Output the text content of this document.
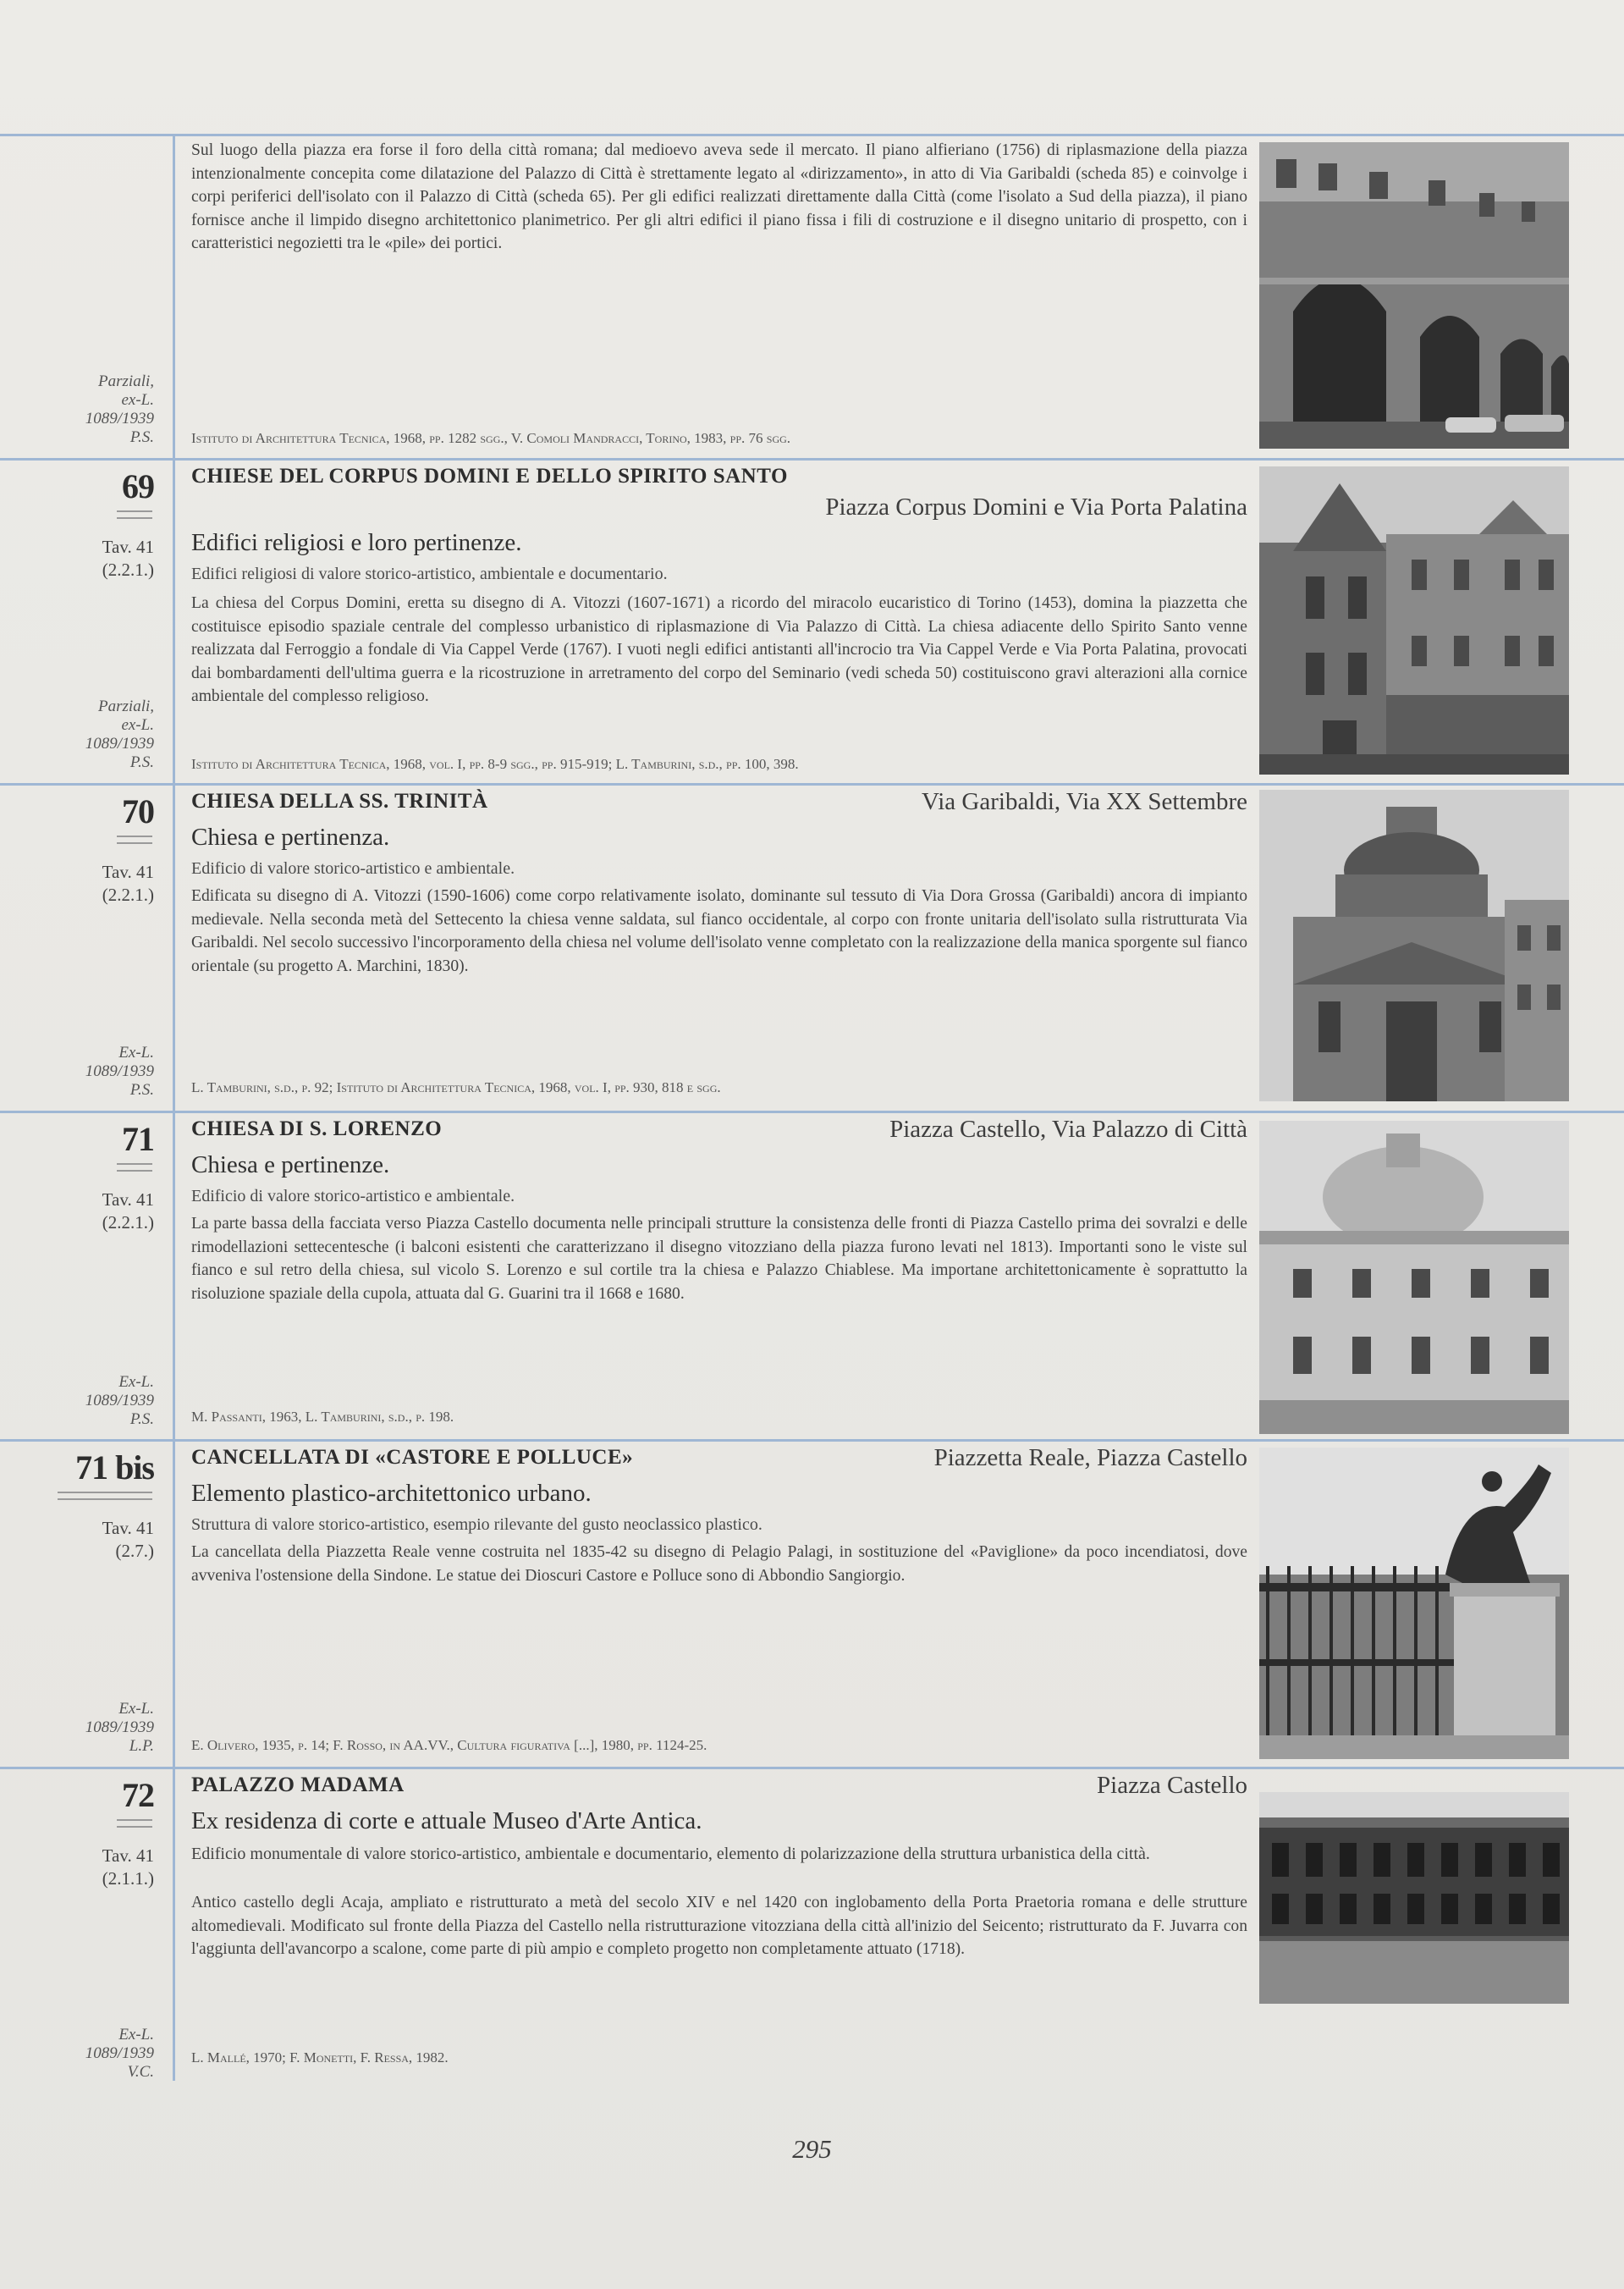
Parziali,
ex-L.
1089/1939
P.S.
Sul luogo della piazza era forse il foro della città romana; dal medioevo aveva sede il mercato. Il piano alfieriano (1756) di riplasmazione della piazza intenzionalmente concepita come dilatazione del Palazzo di Città è strettamente legato al «dirizzamento», in atto di Via Garibaldi (scheda 85) e coinvolge i corpi periferici dell'isolato con il Palazzo di Città (scheda 65). Per gli edifici realizzati direttamente dalla Città (come l'isolato a Sud della piazza), il piano fornisce anche il limpido disegno architettonico planimetrico. Per gli altri edifici il piano fissa i fili di costruzione e il disegno unitario di prospetto, con i caratteristici negozietti tra le «pile» dei portici.
Istituto di Architettura Tecnica, 1968, pp. 1282 sgg., V. Comoli Mandracci, Torino, 1983, pp. 76 sgg.
69
Tav. 41
(2.2.1.)
Parziali,
ex-L.
1089/1939
P.S.
CHIESE DEL CORPUS DOMINI E DELLO SPIRITO SANTO
Piazza Corpus Domini e Via Porta Palatina
Edifici religiosi e loro pertinenze.
Edifici religiosi di valore storico-artistico, ambientale e documentario.
La chiesa del Corpus Domini, eretta su disegno di A. Vitozzi (1607-1671) a ricordo del miracolo eucaristico di Torino (1453), domina la piazzetta che costituisce episodio spaziale centrale del complesso urbanistico di riplasmazione di Via Palazzo di Città. La chiesa adiacente dello Spirito Santo venne realizzata dal Ferroggio a fondale di Via Cappel Verde (1767). I vuoti negli edifici antistanti all'incrocio tra Via Cappel Verde e Via Porta Palatina, provocati dai bombardamenti dell'ultima guerra e la ricostruzione in arretramento del corpo del Seminario (vedi scheda 50) costituiscono gravi alterazioni alla cornice ambientale del complesso religioso.
Istituto di Architettura Tecnica, 1968, vol. I, pp. 8-9 sgg., pp. 915-919; L. Tamburini, s.d., pp. 100, 398.
70
Tav. 41
(2.2.1.)
Ex-L.
1089/1939
P.S.
CHIESA DELLA SS. TRINITÀ	Via Garibaldi, Via XX Settembre
Chiesa e pertinenza.
Edificio di valore storico-artistico e ambientale.
Edificata su disegno di A. Vitozzi (1590-1606) come corpo relativamente isolato, dominante sul tessuto di Via Dora Grossa (Garibaldi) ancora di impianto medievale. Nella seconda metà del Settecento la chiesa venne saldata, sul fianco occidentale, al corpo con fronte unitaria dell'isolato sulla ristrutturata Via Garibaldi. Nel secolo successivo l'incorporamento della chiesa nel volume dell'isolato venne completato con la realizzazione della manica sporgente sul fianco orientale (su progetto A. Marchini, 1830).
L. Tamburini, s.d., p. 92; Istituto di Architettura Tecnica, 1968, vol. I, pp. 930, 818 e sgg.
71
Tav. 41
(2.2.1.)
Ex-L.
1089/1939
P.S.
CHIESA DI S. LORENZO	Piazza Castello, Via Palazzo di Città
Chiesa e pertinenze.
Edificio di valore storico-artistico e ambientale.
La parte bassa della facciata verso Piazza Castello documenta nelle principali strutture la consistenza delle fronti di Piazza Castello prima dei sovralzi e delle rimodellazioni settecentesche (i balconi esistenti che caratterizzano il disegno vitozziano della piazza furono levati nel 1813). Importanti sono le viste sul fianco e sul retro della chiesa, sul vicolo S. Lorenzo e sul cortile tra la chiesa e Palazzo Chiablese. Ma importane architettonicamente è soprattutto la risoluzione spaziale della cupola, attuata dal G. Guarini tra il 1668 e 1680.
M. Passanti, 1963, L. Tamburini, s.d., p. 198.
71 bis
Tav. 41
(2.7.)
Ex-L.
1089/1939
L.P.
CANCELLATA DI «CASTORE E POLLUCE»	Piazzetta Reale, Piazza Castello
Elemento plastico-architettonico urbano.
Struttura di valore storico-artistico, esempio rilevante del gusto neoclassico plastico.
La cancellata della Piazzetta Reale venne costruita nel 1835-42 su disegno di Pelagio Palagi, in sostituzione del «Paviglione» da poco incendiatosi, dove avveniva l'ostensione della Sindone. Le statue dei Dioscuri Castore e Polluce sono di Abbondio Sangiorgio.
E. Olivero, 1935, p. 14; F. Rosso, in AA.VV., Cultura figurativa [...], 1980, pp. 1124-25.
72
Tav. 41
(2.1.1.)
Ex-L.
1089/1939
V.C.
PALAZZO MADAMA	Piazza Castello
Ex residenza di corte e attuale Museo d'Arte Antica.
Edificio monumentale di valore storico-artistico, ambientale e documentario, elemento di polarizzazione della struttura urbanistica della città.
Antico castello degli Acaja, ampliato e ristrutturato a metà del secolo XIV e nel 1420 con inglobamento della Porta Praetoria romana e delle strutture altomedievali. Modificato sul fronte della Piazza del Castello nella ristrutturazione vitozziana della città all'inizio del Seicento; ristrutturato da F. Juvarra con l'aggiunta dell'avancorpo a scalone, come parte di più ampio e completo progetto non completamente attuato (1718).
L. Mallé, 1970; F. Monetti, F. Ressa, 1982.
295
